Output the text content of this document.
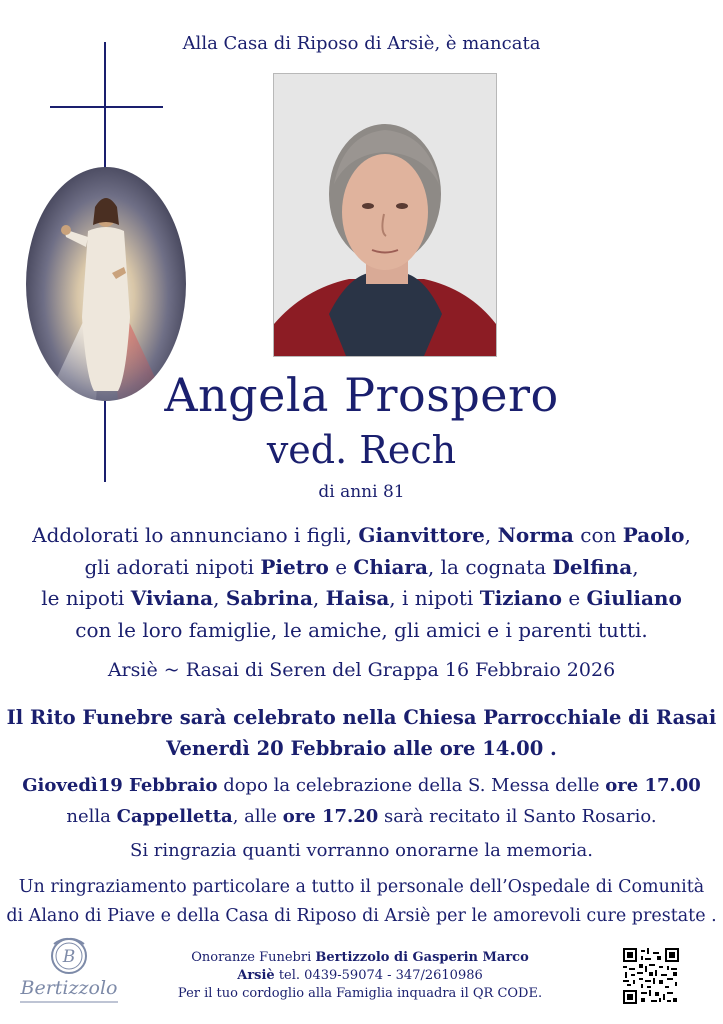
Alla Casa di Riposo di Arsiè, è mancata
Angela Prospero
ved. Rech
di anni 81
Addolorati lo annunciano i figli, Gianvittore, Norma con Paolo,
gli adorati nipoti Pietro e Chiara, la cognata Delfina,
le nipoti Viviana, Sabrina, Haisa, i nipoti Tiziano e Giuliano
con le loro famiglie, le amiche, gli amici e i parenti tutti.
Arsiè ~ Rasai di Seren del Grappa 16 Febbraio 2026
Il Rito Funebre sarà celebrato nella Chiesa Parrocchiale di Rasai
Venerdì 20 Febbraio alle ore 14.00 .
Giovedì19 Febbraio dopo la celebrazione della S. Messa delle ore 17.00
nella Cappelletta, alle ore 17.20 sarà recitato il Santo Rosario.
Si ringrazia quanti vorranno onorarne la memoria.
Un ringraziamento particolare a tutto il personale dell’Ospedale di Comunità
di Alano di Piave e della Casa di Riposo di Arsiè per le amorevoli cure prestate .
B
Bertizzolo
Onoranze Funebri Bertizzolo di Gasperin Marco
Arsiè tel. 0439-59074 - 347/2610986
Per il tuo cordoglio alla Famiglia inquadra il QR CODE.
